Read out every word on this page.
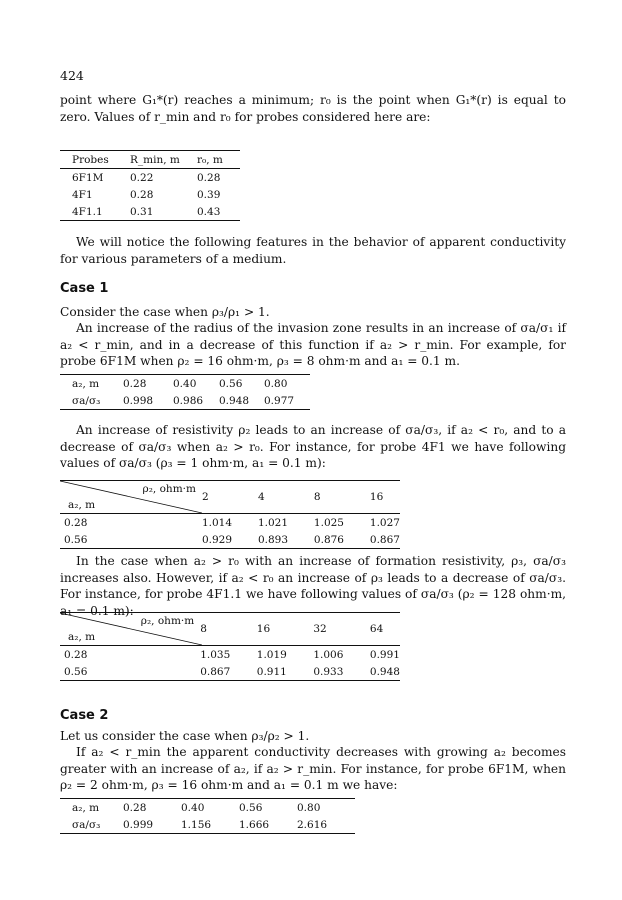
424

point where G₁*(r) reaches a minimum; r₀ is the point when G₁*(r) is equal to zero. Values of r_min and r₀ for probes considered here are:

Probes	R_min, m	r₀, m
6F1M	0.22	0.28
4F1	0.28	0.39
4F1.1	0.31	0.43

We will notice the following features in the behavior of apparent conductivity for various parameters of a medium.

Case 1

Consider the case when ρ₃/ρ₁ > 1.

An increase of the radius of the invasion zone results in an increase of σa/σ₁ if a₂ < r_min, and in a decrease of this function if a₂ > r_min. For example, for probe 6F1M when ρ₂ = 16 ohm·m, ρ₃ = 8 ohm·m and a₁ = 0.1 m.

a₂, m	0.28	0.40	0.56	0.80
σa/σ₃	0.998	0.986	0.948	0.977

An increase of resistivity ρ₂ leads to an increase of σa/σ₃, if a₂ < r₀, and to a decrease of σa/σ₃ when a₂ > r₀. For instance, for probe 4F1 we have following values of σa/σ₃ (ρ₃ = 1 ohm·m, a₁ = 0.1 m):

ρ₂, ohm·m
a₂, m	2	4	8	16
0.28	1.014	1.021	1.025	1.027
0.56	0.929	0.893	0.876	0.867

In the case when a₂ > r₀ with an increase of formation resistivity, ρ₃, σa/σ₃ increases also. However, if a₂ < r₀ an increase of ρ₃ leads to a decrease of σa/σ₃. For instance, for probe 4F1.1 we have following values of σa/σ₃ (ρ₂ = 128 ohm·m, a₁ = 0.1 m):

ρ₂, ohm·m
a₂, m	8	16	32	64
0.28	1.035	1.019	1.006	0.991
0.56	0.867	0.911	0.933	0.948
Case 2

Let us consider the case when ρ₃/ρ₂ > 1.

If a₂ < r_min the apparent conductivity decreases with growing a₂ becomes greater with an increase of a₂, if a₂ > r_min. For instance, for probe 6F1M, when ρ₂ = 2 ohm·m, ρ₃ = 16 ohm·m and a₁ = 0.1 m we have:

a₂, m	0.28	0.40	0.56	0.80
σa/σ₃	0.999	1.156	1.666	2.616
